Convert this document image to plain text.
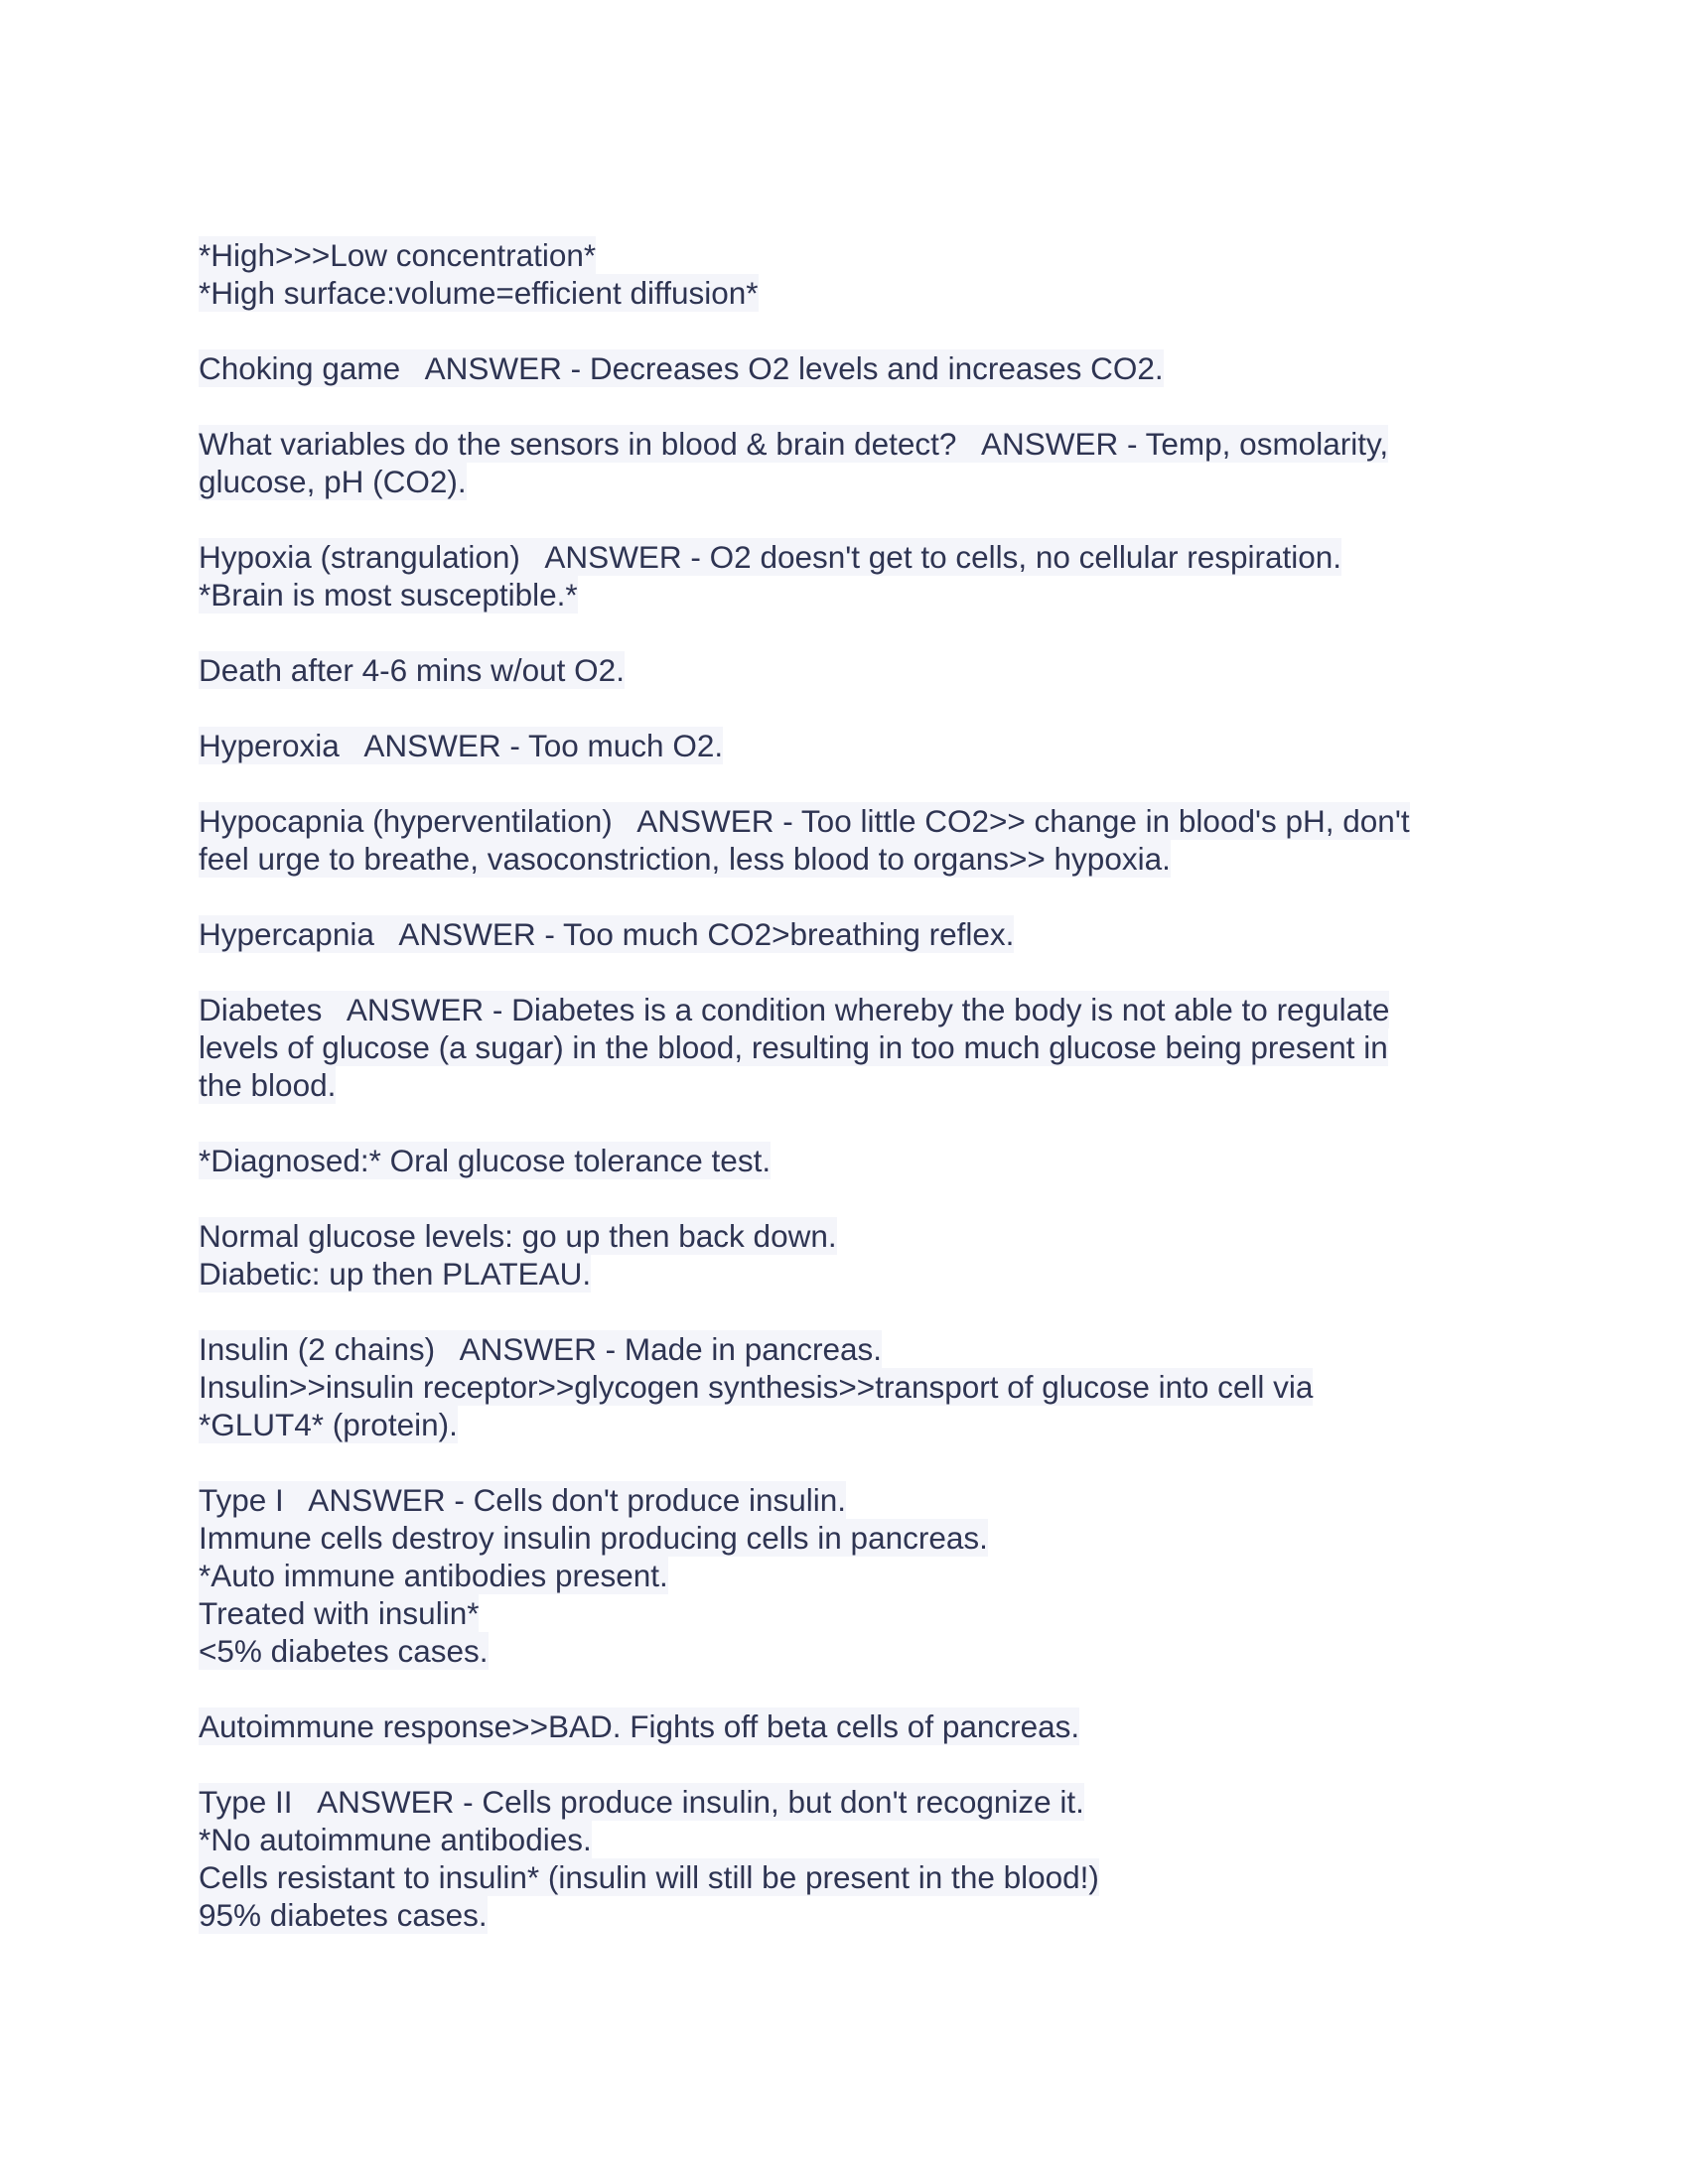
*High>>>Low concentration*
*High surface:volume=efficient diffusion*
Choking game   ANSWER - Decreases O2 levels and increases CO2.
What variables do the sensors in blood & brain detect?   ANSWER - Temp, osmolarity,
glucose, pH (CO2).
Hypoxia (strangulation)   ANSWER - O2 doesn't get to cells, no cellular respiration.
*Brain is most susceptible.*
Death after 4-6 mins w/out O2.
Hyperoxia   ANSWER - Too much O2.
Hypocapnia (hyperventilation)   ANSWER - Too little CO2>> change in blood's pH, don't
feel urge to breathe, vasoconstriction, less blood to organs>> hypoxia.
Hypercapnia   ANSWER - Too much CO2>breathing reflex.
Diabetes   ANSWER - Diabetes is a condition whereby the body is not able to regulate
levels of glucose (a sugar) in the blood, resulting in too much glucose being present in
the blood.
*Diagnosed:* Oral glucose tolerance test.
Normal glucose levels: go up then back down.
Diabetic: up then PLATEAU.
Insulin (2 chains)   ANSWER - Made in pancreas.
Insulin>>insulin receptor>>glycogen synthesis>>transport of glucose into cell via
*GLUT4* (protein).
Type I   ANSWER - Cells don't produce insulin.
Immune cells destroy insulin producing cells in pancreas.
*Auto immune antibodies present.
Treated with insulin*
<5% diabetes cases.
Autoimmune response>>BAD. Fights off beta cells of pancreas.
Type II   ANSWER - Cells produce insulin, but don't recognize it.
*No autoimmune antibodies.
Cells resistant to insulin* (insulin will still be present in the blood!)
95% diabetes cases.
